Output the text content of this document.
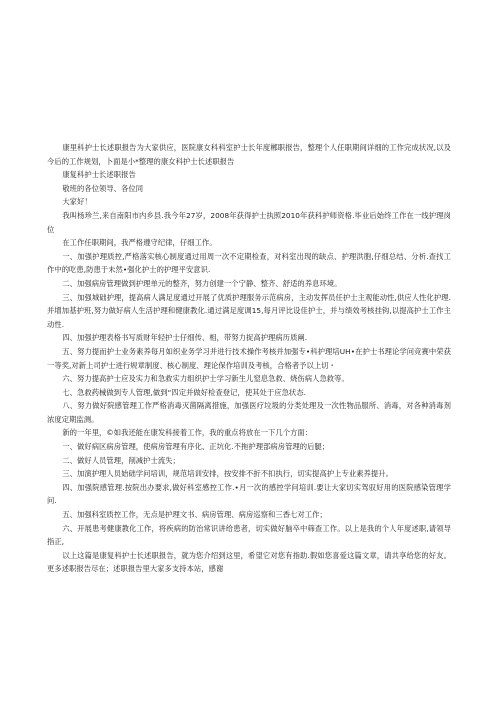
康里科护士长述职报告为大家供应，医院康女科科室护士长年度郴职报告，整理个人任职期间详细的工作完成状况,以及今后的工作规划，卜面是小*整理的康女科护士长述职报告

康复科护士长述职报告

敬班的各位领导、各位同

大家好！

我叫杨珍兰,来自南阳市内乡县.我今年27岁，2008年获得护士执照2010年获科护师资格.毕业后始终工作在一线护理岗位

在工作任职期间，我严格遵守纪律，仔细工作。

一、加强护理质控,严格落实核心制度通过用周一次不定期检查，对科室出现的缺点、护理洪胞,仔细总结、分析.查找工作中的吃患,防患于未然•强化护士的护理平安意识.

二、加强病房管理做到护理单元的整齐，努力创建一个宁静、整齐、舒适的养息环境。

三、加强城础护理，提高病人满足度通过开展了优质护理服务示范病房，主动发挥员任护士主观能动性,供应人性化护理.并增加基护班,努力做好病人生活护理和健康教化.通过满足度调15,每月评比设佳护士，并与绩效考核挂钩,以提高护士工作主动性.

四、加强护理表格书写质财年轻护士仔细传、相，带努力捉高护理病历质阐.

五、努力提而护士业务素养每月如织业务学习并进行技术操作考核并加强专•科护理培UH•在护士书理论学问竞赛中荣获一等奖,对新上司护士进行规章制度、核心制度、理论保作培训及考核，合格者予以上切・

六、努力提高护士应及实力和急救实力组织护士学习新生儿窒息急救、烧伤病人急救等。

七、急救药械做到专人管理,做到“四定并做好检查登记，使其处于应急状态.

八、努力做好院感管理工作严格消毒灭菌隔离措施，加强医疗垃圾的分类处理及一次性物品服所、消毒，对各种消毒剂浓度定期监测。

新的一年里，©如我还能在康发科接着工作，我的重点将放在一下几个方面：

一、做好病区病房管理，使病房管理有序化、正坑化.不拖护理部病房管理的后腿；

二、做好人员管理，削减护士流失；

三、加演护理人员始础学问培训，规范培训安排，按安排不折不扣执行，切实提高护上专业素养提升。

四、加强院感管理.按院出办要求,做好科室感控工作.•月一次的感控学问培训.要让大家切实驾驭好用的医院感染管理学问.

五、加强科室质控工作，无点是护理文书、病房管理、病房巡察和三香七对工作；

六、开展患考健康教化工作，将疾病的防治常识讲给患者，切实做好脑卒中筛查工作。以上是我的个人年度述职,请领导指正,

以上这篇是康复科护士长述职报告，就为您介绍到这里，希望它对您有指助.假如您喜爱这篇文章，请共享给您的好友。更多述职报告尽在；述职报告里大家多支持本站，感谢
